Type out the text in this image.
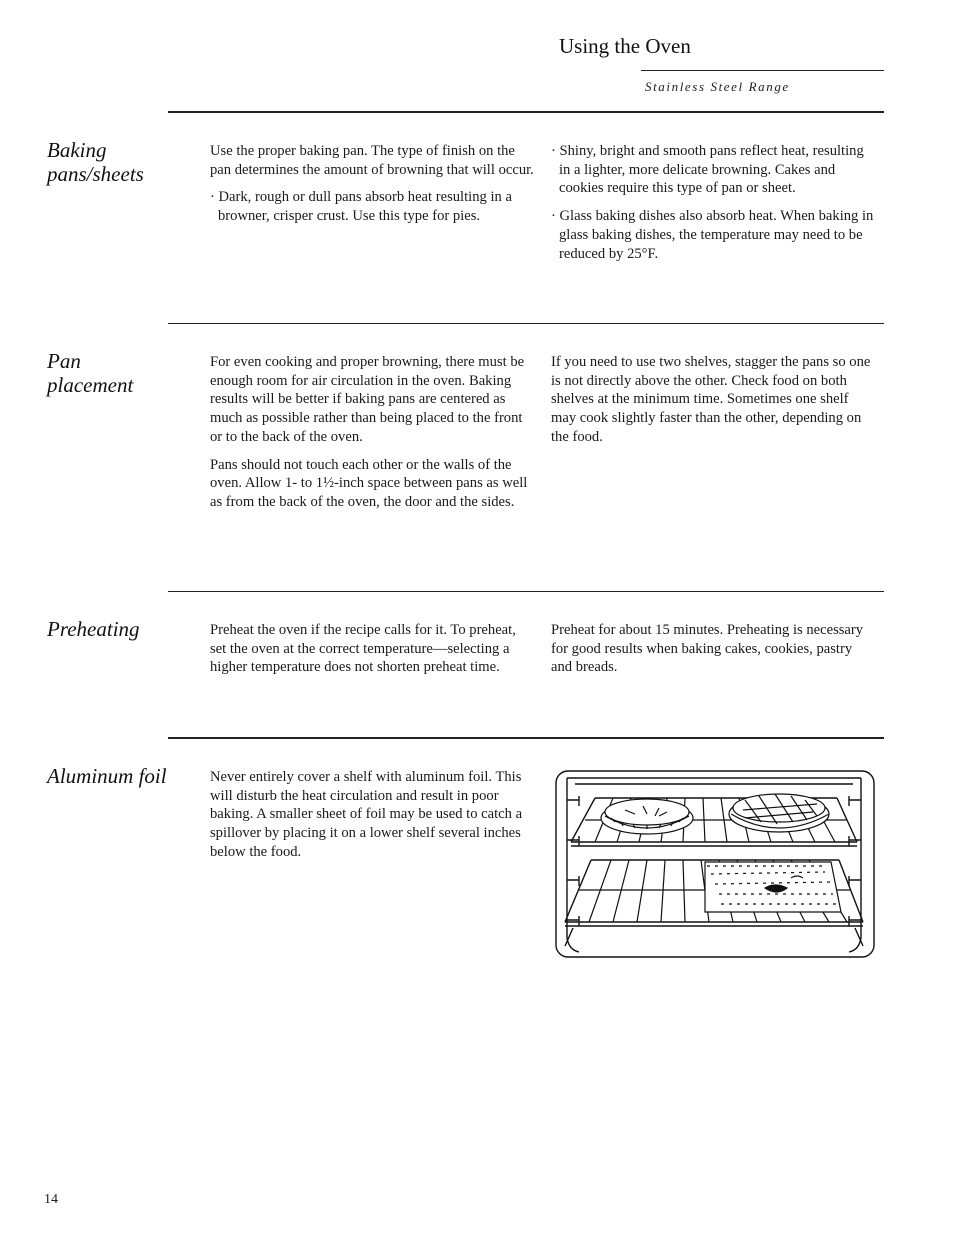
Using the Oven
Stainless Steel Range
Baking pans/sheets

Use the proper baking pan. The type of finish on the pan determines the amount of browning that will occur.

· Dark, rough or dull pans absorb heat resulting in a browner, crisper crust. Use this type for pies.

· Shiny, bright and smooth pans reflect heat, resulting in a lighter, more delicate browning. Cakes and cookies require this type of pan or sheet.

· Glass baking dishes also absorb heat. When baking in glass baking dishes, the temperature may need to be reduced by 25°F.

Pan placement

For even cooking and proper browning, there must be enough room for air circulation in the oven. Baking results will be better if baking pans are centered as much as possible rather than being placed to the front or to the back of the oven.

Pans should not touch each other or the walls of the oven. Allow 1- to 1½-inch space between pans as well as from the back of the oven, the door and the sides.

If you need to use two shelves, stagger the pans so one is not directly above the other. Check food on both shelves at the minimum time. Sometimes one shelf may cook slightly faster than the other, depending on the food.

Preheating	Preheat the oven if the recipe calls for it. To preheat, set the oven at the correct temperature—selecting a higher temperature does not shorten preheat time.

Preheat for about 15 minutes. Preheating is necessary for good results when baking cakes, cookies, pastry and breads.

Aluminum foil	Never entirely cover a shelf with aluminum foil. This will disturb the heat circulation and result in poor baking. A smaller sheet of foil may be used to catch a spillover by placing it on a lower shelf several inches below the food.

14
